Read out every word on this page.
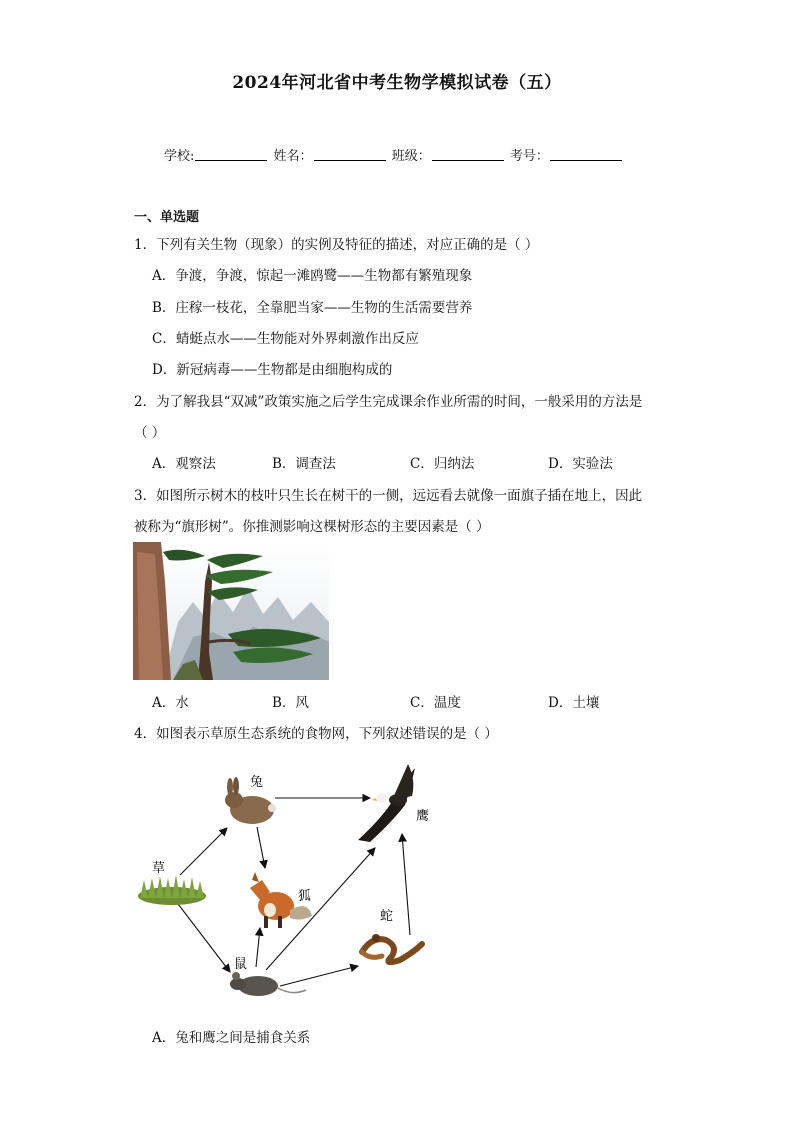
2024年河北省中考生物学模拟试卷（五）
学校:	姓名：	班级：	考号：
一、单选题
1．下列有关生物（现象）的实例及特征的描述，对应正确的是（ ）
A．争渡，争渡，惊起一滩鸥鹭——生物都有繁殖现象
B．庄稼一枝花，全靠肥当家——生物的生活需要营养
C．蜻蜓点水——生物能对外界刺激作出反应
D．新冠病毒——生物都是由细胞构成的
2．为了解我县“双减”政策实施之后学生完成课余作业所需的时间，一般采用的方法是
（ ）
A．观察法	B．调查法	C．归纳法	D．实验法
3．如图所示树木的枝叶只生长在树干的一侧，远远看去就像一面旗子插在地上，因此
被称为“旗形树”。你推测影响这棵树形态的主要因素是（ ）
A．水	B．风	C．温度	D．土壤
4．如图表示草原生态系统的食物网，下列叙述错误的是（ ）
兔
鹰
草
狐
蛇
鼠
A．兔和鹰之间是捕食关系
